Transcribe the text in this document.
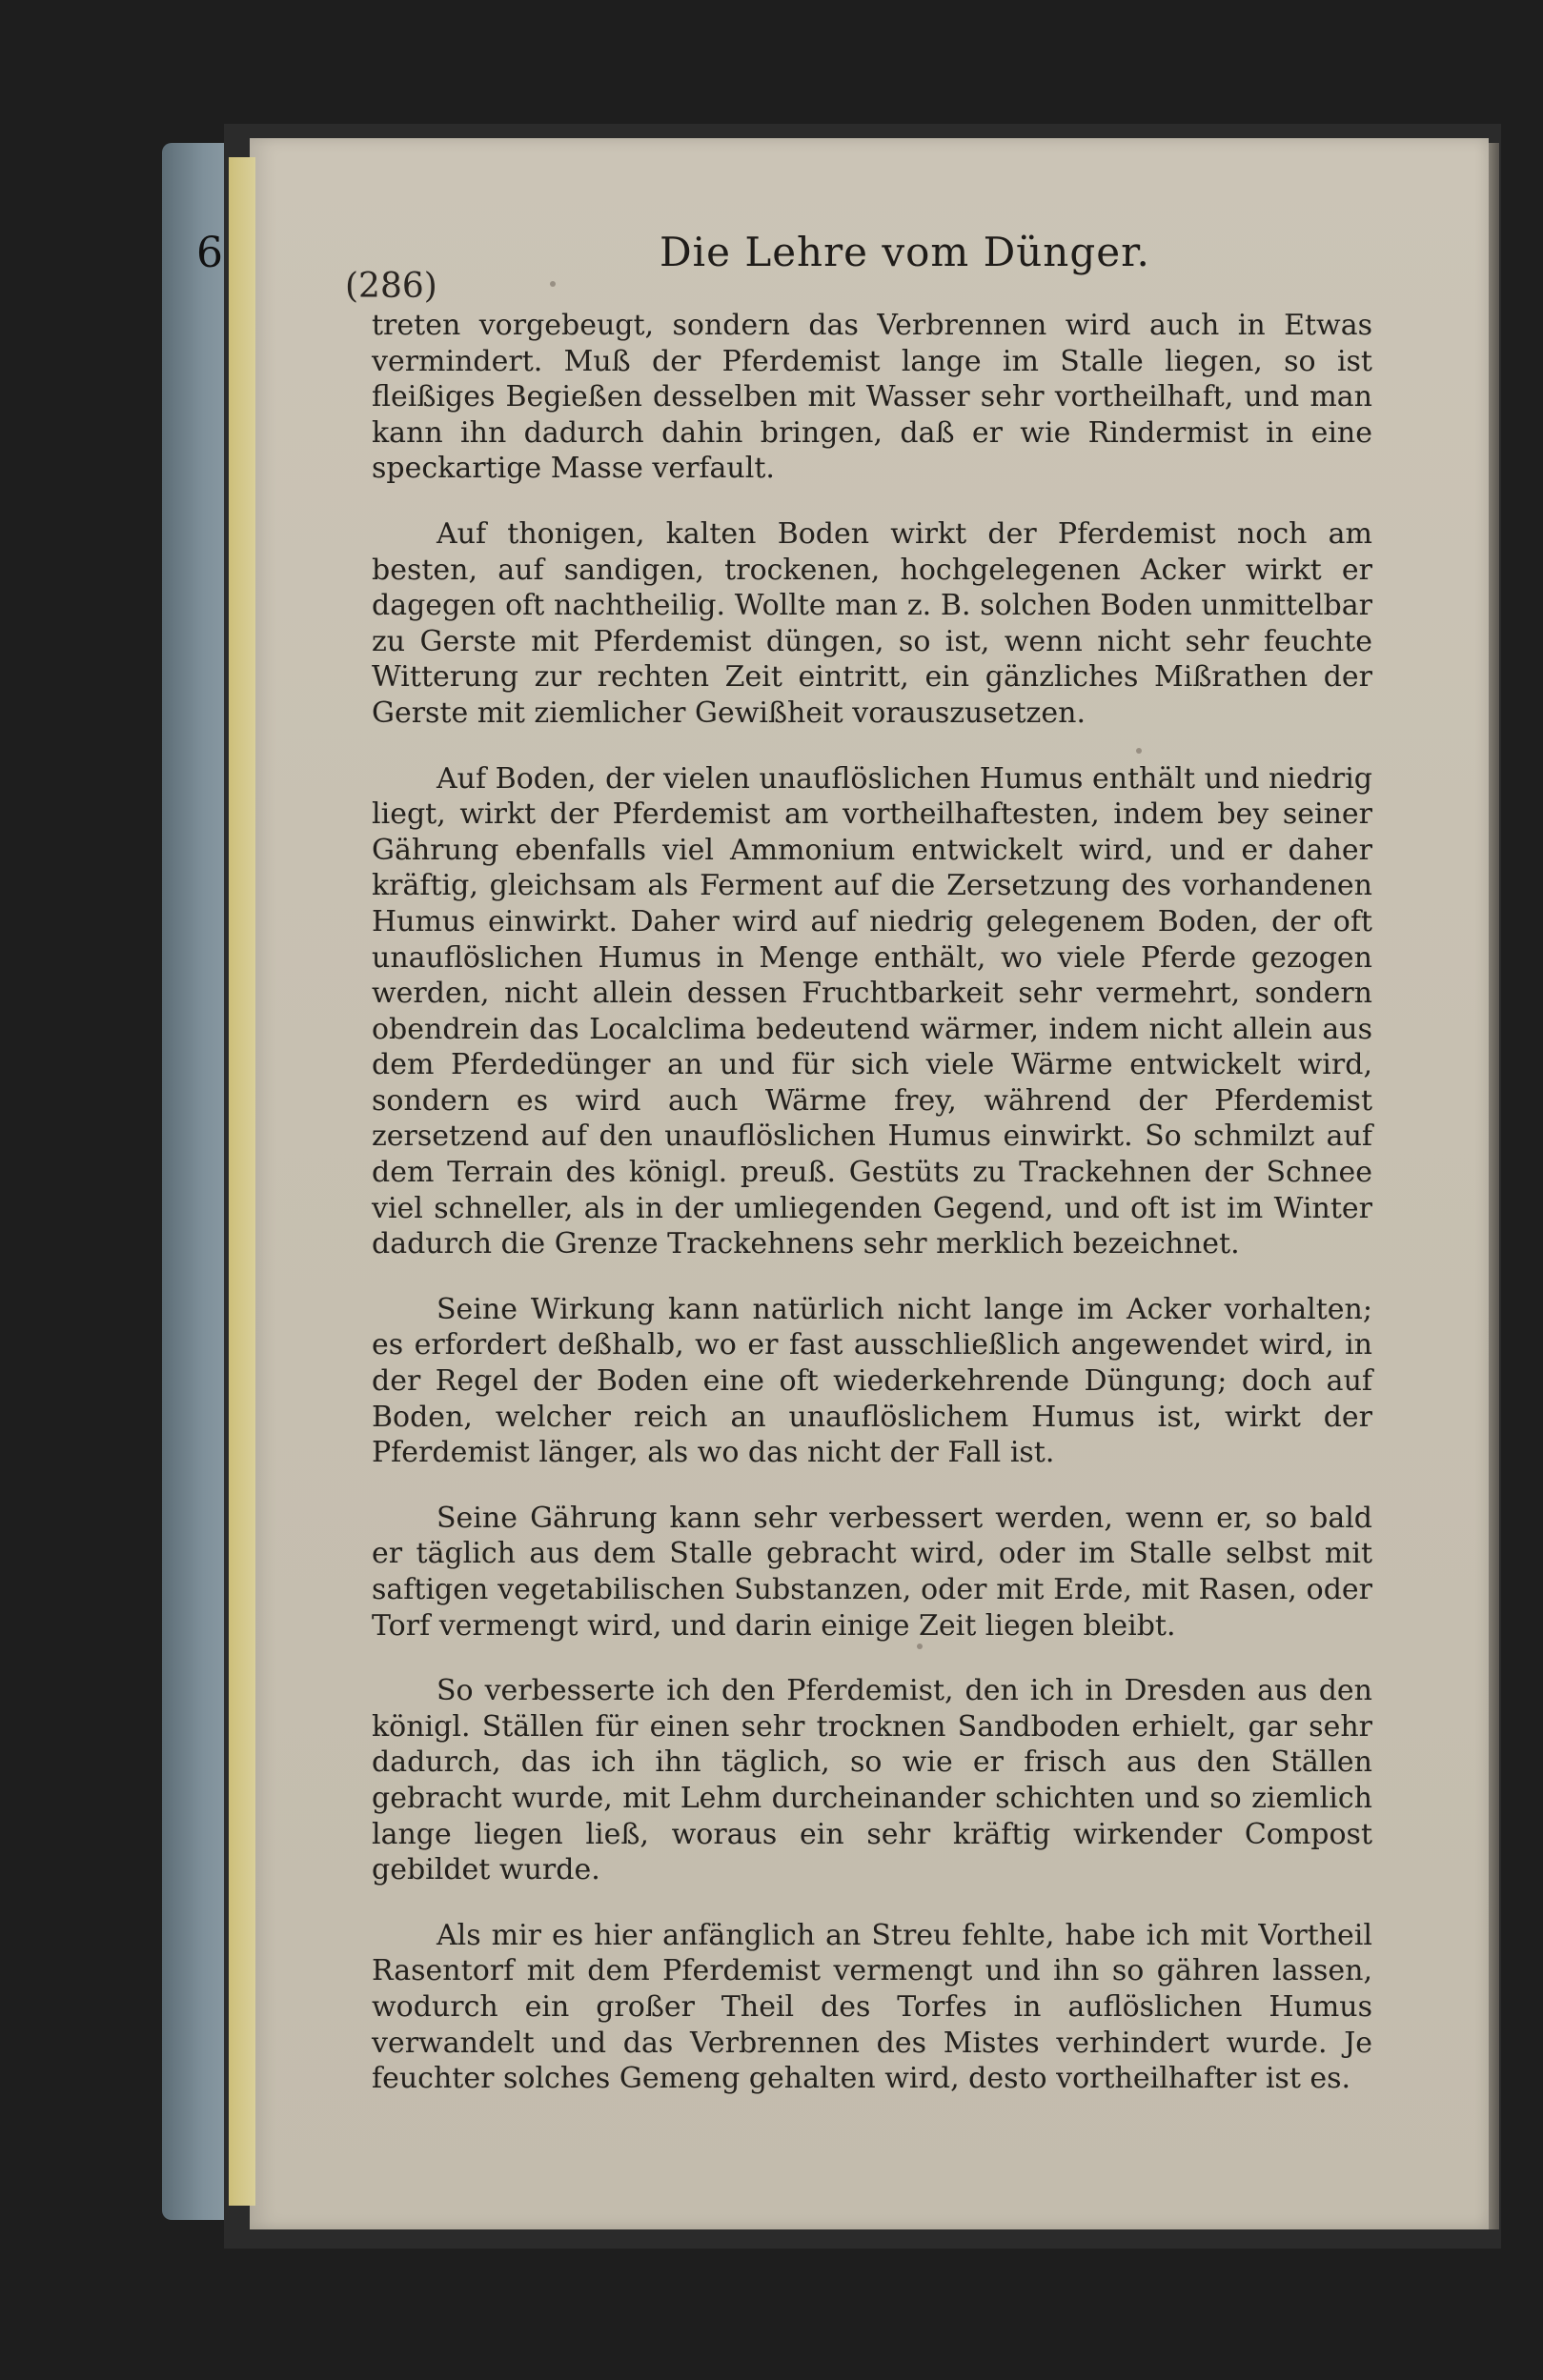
6	Die Lehre vom Dünger.
(286)

treten vorgebeugt, sondern das Verbrennen wird auch in Etwas vermindert. Muß der Pferdemist lange im Stalle liegen, so ist fleißiges Begießen desselben mit Wasser sehr vortheilhaft, und man kann ihn dadurch dahin bringen, daß er wie Rindermist in eine speckartige Masse verfault.

Auf thonigen, kalten Boden wirkt der Pferdemist noch am besten, auf sandigen, trockenen, hochgelegenen Acker wirkt er dagegen oft nachtheilig. Wollte man z. B. solchen Boden unmittelbar zu Gerste mit Pferdemist düngen, so ist, wenn nicht sehr feuchte Witterung zur rechten Zeit eintritt, ein gänzliches Mißrathen der Gerste mit ziemlicher Gewißheit vorauszusetzen.

Auf Boden, der vielen unauflöslichen Humus enthält und niedrig liegt, wirkt der Pferdemist am vortheilhaftesten, indem bey seiner Gährung ebenfalls viel Ammonium entwickelt wird, und er daher kräftig, gleichsam als Ferment auf die Zersetzung des vorhandenen Humus einwirkt. Daher wird auf niedrig gelegenem Boden, der oft unauflöslichen Humus in Menge enthält, wo viele Pferde gezogen werden, nicht allein dessen Fruchtbarkeit sehr vermehrt, sondern obendrein das Localclima bedeutend wärmer, indem nicht allein aus dem Pferdedünger an und für sich viele Wärme entwickelt wird, sondern es wird auch Wärme frey, während der Pferdemist zersetzend auf den unauflöslichen Humus einwirkt. So schmilzt auf dem Terrain des königl. preuß. Gestüts zu Trackehnen der Schnee viel schneller, als in der umliegenden Gegend, und oft ist im Winter dadurch die Grenze Trackehnens sehr merklich bezeichnet.

Seine Wirkung kann natürlich nicht lange im Acker vorhalten; es erfordert deßhalb, wo er fast ausschließlich angewendet wird, in der Regel der Boden eine oft wiederkehrende Düngung; doch auf Boden, welcher reich an unauflöslichem Humus ist, wirkt der Pferdemist länger, als wo das nicht der Fall ist.

Seine Gährung kann sehr verbessert werden, wenn er, so bald er täglich aus dem Stalle gebracht wird, oder im Stalle selbst mit saftigen vegetabilischen Substanzen, oder mit Erde, mit Rasen, oder Torf vermengt wird, und darin einige Zeit liegen bleibt.

So verbesserte ich den Pferdemist, den ich in Dresden aus den königl. Ställen für einen sehr trocknen Sandboden erhielt, gar sehr dadurch, das ich ihn täglich, so wie er frisch aus den Ställen gebracht wurde, mit Lehm durcheinander schichten und so ziemlich lange liegen ließ, woraus ein sehr kräftig wirkender Compost gebildet wurde.

Als mir es hier anfänglich an Streu fehlte, habe ich mit Vortheil Rasentorf mit dem Pferdemist vermengt und ihn so gähren lassen, wodurch ein großer Theil des Torfes in auflöslichen Humus verwandelt und das Verbrennen des Mistes verhindert wurde. Je feuchter solches Gemeng gehalten wird, desto vortheilhafter ist es.
